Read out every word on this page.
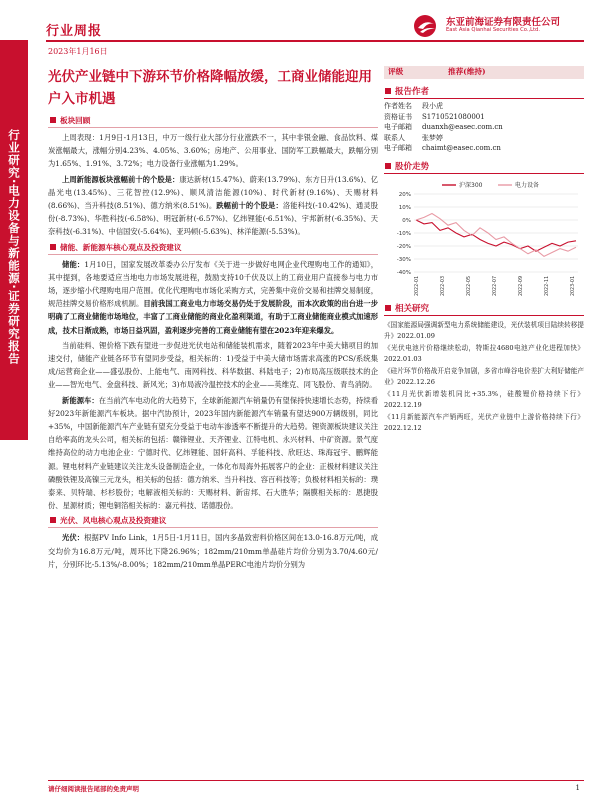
行业周报
东亚前海证券有限责任公司
East Asia Qianhai Securities Co.,Ltd.
2023年1月16日
行业研究·电力设备与新能源·证券研究报告
光伏产业链中下游环节价格降幅放缓，工商业储能迎用户入市机遇
板块回顾

上周表现：1月9日-1月13日，中万一级行业大部分行业涨跌不一，其中非银金融、食品饮料、煤炭涨幅最大，涨幅分别4.23%、4.05%、3.60%；房地产、公用事业、国防军工跌幅最大，跌幅分别为1.65%、1.91%、3.72%；电力设备行业涨幅为1.29%。

上周新能源板块涨幅前十的个股是：康达新材(15.47%)、蔚来(13.79%)、东方日升(13.6%)、亿晶光电(13.45%)、三花智控(12.9%)、顺风清洁能源(10%)、时代新材(9.16%)、天赐材料(8.66%)、当升科技(8.51%)、德方纳米(8.51%)。跌幅前十的个股是：洛能科技(-10.42%)、通灵股份(-8.73%)、华胜科技(-6.58%)、明冠新材(-6.57%)、亿纬锂能(-6.51%)、宇邦新材(-6.35%)、天奈科技(-6.31%)、中信国安(-5.64%)、亚玛顿(-5.63%)、林洋能源(-5.53%)。

储能、新能源车核心观点及投资建议

储能：1月10日，国家发展改革委办公厅发布《关于进一步做好电网企业代理购电工作的通知》，其中提到，各地要适应当地电力市场发展进程，鼓励支持10千伏及以上的工商业用户直接参与电力市场，逐步缩小代理购电用户范围。优化代理购电市场化采购方式，完善集中竞价交易和挂牌交易制度，规范挂牌交易价格形成机制。目前我国工商业电力市场交易仍处于发展阶段，而本次政策的出台进一步明确了工商业储能市场地位，丰富了工商业储能的商业化盈利渠道，有助于工商业储能商业模式加速形成，技术日渐成熟，市场日益巩固，盈利逐步完善的工商业储能有望在2023年迎来爆发。

当前硅料、锂价格下跌有望进一步促进光伏电站和储能装机需求，随着2023年中美大储项目的加速交付，储能产业链各环节有望同步受益，相关标的：1)受益于中美大储市场需求高涨的PCS/系统集成/运营商企业——盛弘股份、上能电气、南网科技、科华数据、科陆电子；2)布局高压级联技术的企业——智光电气、金盘科技、新风光；3)布局液冷温控技术的企业——英维克、同飞股份、青鸟消防。

新能源车：在当前汽车电动化的大趋势下，全球新能源汽车销量仍有望保持快速增长态势，持续看好2023年新能源汽车板块。据中汽协预计，2023年国内新能源汽车销量有望达900万辆级别，同比+35%，中国新能源汽车产业链有望充分受益于电动车渗透率不断提升的大趋势。锂资源板块建议关注自给率高的龙头公司，相关标的包括：赣锋锂业、天齐锂业、江特电机、永兴材料、中矿资源。景气度维持高位的动力电池企业：宁德时代、亿纬锂能、国轩高科、孚能科技、欣旺达、珠海冠宇、鹏辉能源。锂电材料产业链建议关注龙头设备制造企业，一体化布局海外拓展客户的企业：正极材料建议关注磷酸铁锂及高镍三元龙头，相关标的包括：德方纳米、当升科技、容百科技等；负极材料相关标的：璞泰来、贝特瑞、杉杉股份；电解液相关标的：天赐材料、新宙邦、石大胜华；隔膜相关标的：恩捷股份、星源材质；锂电铜箔相关标的：嘉元科技、诺德股份。

光伏、风电核心观点及投资建议

光伏：根据PV Info Link，1月5日-1月11日，国内多晶致密料价格区间在13.0-16.8万元/吨，成交均价为16.8万元/吨，周环比下降26.96%；182mm/210mm单晶硅片均价分别为3.70/4.60元/片，分别环比-5.13%/-8.00%；182mm/210mm单晶PERC电池片均价分别为

评级	推荐(维持)
报告作者
作者姓名 段小虎
资格证书 S1710521080001
电子邮箱 duanxh@easec.com.cn
联系人 张梦婷
电子邮箱 chaimt@easec.com.cn
股价走势
20%
10%
0%
-10%
-20%
-30%
-40%
2022-01	2022-03	2022-05	2022-07	2022-09	2022-11	2023-01
沪深300	电力设备
相关研究
《国家能源局强调新型电力系统储能建设，光伏装机项目陆续转移提升》2022.01.09
《光伏电池片价格继续松动，特斯拉4680电池产业化进程加快》2022.01.03
《硅片环节价格战开启竞争加剧，多省市峰谷电价差扩大利好储能产业》2022.12.26
《11月光伏新增装机同比+35.3%，硅酸锂价格持续下行》2022.12.19
《11月新能源汽车产销两旺，光伏产业链中上游价格持续下行》2022.12.12
请仔细阅读报告尾部的免责声明	1
